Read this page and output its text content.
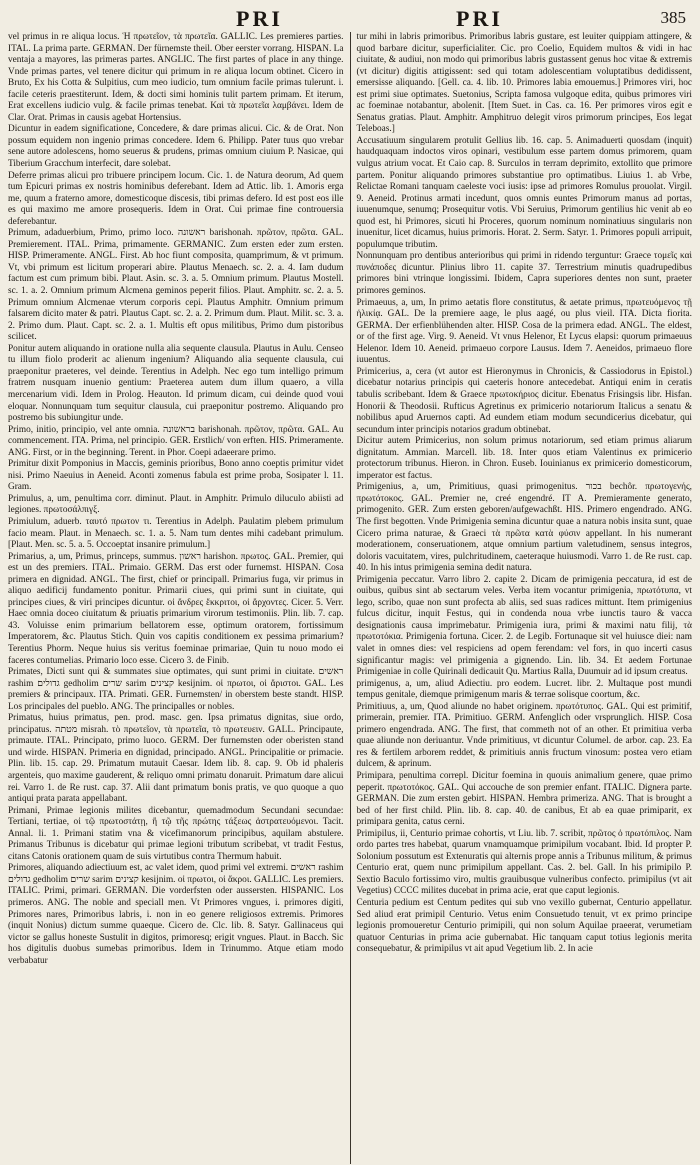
PRI	PRI	385

vel primus in re aliqua locus. Ἡ πρωτεῖον, τὰ πρωτεῖα. GALLIC. Les premieres parties. ITAL. La prima parte. GERMAN. Der fürnemste theil. Ober eerster vorrang. HISPAN. La ventaja a mayores, las primeras partes. ANGLIC. The first partes of place in any thinge. Vnde primas partes, vel tenere dicitur qui primum in re aliqua locum obtinet. Cicero in Bruto, Ex his Cotta & Sulpitius, cum meo iudicio, tum omnium facile primas tulerunt. i. facile ceteris praestiterunt. Idem, & docti simi hominis tulit partem primam. Et iterum, Erat excellens iudicio vulg. & facile primas tenebat. Καὶ τὰ πρωτεῖα λαμβάνει. Idem de Clar. Orat. Primas in causis agebat Hortensius.

Dicuntur in eadem significatione, Concedere, & dare primas alicui. Cic. & de Orat. Non possum equidem non ingenio primas concedere. Idem 6. Philipp. Pater tuus quo vrebar sene autore adolescens, homo seuerus & prudens, primas omnium ciuium P. Nasicae, qui Tiberium Gracchum interfecit, dare solebat.

Deferre primas alicui pro tribuere principem locum. Cic. 1. de Natura deorum, Ad quem tum Epicuri primas ex nostris hominibus deferebant. Idem ad Attic. lib. 1. Amoris erga me, quum a fraterno amore, domesticoque discesis, tibi primas defero. Id est post eos ille es qui maximo me amore prosequeris. Idem in Orat. Cui primae fine controuersia deferebantur.

Primum, adaduerbium, Primo, primo loco. ראשונה barishonah. πρῶτον, πρῶτα. GAL. Premierement. ITAL. Prima, primamente. GERMANIC. Zum ersten eder zum ersten. HISP. Primeramente. ANGL. First. Ab hoc fiunt composita, quamprimum, & vt primum. Vt, vbi primum est licitum properari abire. Plautus Menaech. sc. 2. a. 4. Iam dudum factum est cum primum bibi. Plaut. Asin. sc. 3. a. 5. Omnium primum. Plautus Mostell. sc. 1. a. 2. Omnium primum Alcmena geminos peperit filios. Plaut. Amphitr. sc. 2. a. 5. Primum omnium Alcmenae vterum corporis cepi. Plautus Amphitr. Omnium primum falsarem dicito mater & patri. Plautus Capt. sc. 2. a. 2. Primum dum. Plaut. Milit. sc. 3. a. 2. Primo dum. Plaut. Capt. sc. 2. a. 1. Multis eft opus militibus, Primo dum pistoribus scilicet.

Ponitur autem aliquando in oratione nulla alia sequente clausula. Plautus in Aulu. Censeo tu illum fiolo proderit ac alienum ingenium? Aliquando alia sequente clausula, cui praeponitur praeteres, vel deinde. Terentius in Adelph. Nec ego tum intelligo primum fratrem nusquam inuenio gentium: Praeterea autem dum illum quaero, a villa mercenarium vidi. Idem in Prolog. Heauton. Id primum dicam, cui deinde quod voui eloquar. Nonnunquam tum sequitur clausula, cui praeponitur postremo. Aliquando pro postremo bis subiungitur unde.

Primo, initio, principio, vel ante omnia. בראשונה barishonah. πρῶτον, πρῶτα. GAL. Au commencement. ITA. Prima, nel principio. GER. Erstlich/ von erften. HIS. Primeramente. ANG. First, or in the beginning. Terent. in Phor. Coepi adaeerare primo.

Primitur dixit Pomponius in Maccis, geminis prioribus, Bono anno coeptis primitur videt nisi. Primo Naeuius in Aeneid. Aconti zomenus fabula est prime proba, Sosipater l. 11. Gram.

Primulus, a, um, penultima corr. diminut. Plaut. in Amphitr. Primulo diluculo abiisti ad legiones. πρωτοσάλπιγξ.

Primiulum, aduerb. ταυτό πρωτον τι. Terentius in Adelph. Paulatim plebem primulum facio meam. Plaut. in Menaech. sc. 1. a. 5. Nam tum dentes mihi cadebant primulum. [Plaut. Men. sc. 5. a. 5. Occoeptat insanire primulum.]

Primarius, a, um, Primus, princeps, summus. ראשון harishon. πρωτος. GAL. Premier, qui est un des premiers. ITAL. Primaio. GERM. Das erst oder furnemst. HISPAN. Cosa primera en dignidad. ANGL. The first, chief or principall. Primarius fuga, vir primus in aliquo aedificij fundamento ponitur. Primarii ciues, qui primi sunt in ciuitate, qui principes ciues, & viri principes dicuntur. οἱ ἄνδρες ἔκκριτοι, οἱ ἄρχοντες. Cicer. 5. Verr. Haec omnia doceo ciuitatum & priuatis primarium virorum testimoniis. Plin. lib. 7. cap. 43. Voluisse enim primarium bellatorem esse, optimum oratorem, fortissimum Imperatorem, &c. Plautus Stich. Quin vos capitis conditionem ex pessima primarium? Terentius Phorm. Neque huius sis veritus foeminae primariae, Quin tu nouo modo ei faceres contumelias. Primario loco esse. Cicero 3. de Finib.

Primates, Dicti sunt qui & summates siue optimates, qui sunt primi in ciuitate. ראשים rashim גדולים gedholim שרים sarim קצינים kesijnim. οἱ πρωτοι, οἱ ἄριστοι. GAL. Les premiers & principaux. ITA. Primati. GER. Furnemsten/ in oberstem beste standt. HISP. Los principales del pueblo. ANG. The principalles or nobles.

Primatus, huius primatus, pen. prod. masc. gen. Ipsa primatus dignitas, siue ordo, principatus. מטתה misrah. τὸ πρωτεῖον, τὰ πρωτεῖα, τὸ πρωτευειν. GALL. Principaute, primaute. ITAL. Principato, primo luoco. GERM. Der furnemsten oder oberisten stand und wirde. HISPAN. Primeria en dignidad, principado. ANGL. Principalitie or primacie. Plin. lib. 15. cap. 29. Primatum mutauit Caesar. Idem lib. 8. cap. 9. Ob id phaleris argenteis, quo maxime gauderent, & reliquo omni primatu donaruit. Primatum dare alicui rei. Varro 1. de Re rust. cap. 37. Alii dant primatum bonis pratis, ve quo quoque a quo antiqui prata parata appellabant.

Primani, Primae legionis milites dicebantur, quemadmodum Secundani secundae: Tertiani, tertiae, οἱ τῷ πρωτοστάτῃ, ἢ τῷ τῆς πρώτης τάξεως ἀστρατευόμενοι. Tacit. Annal. li. 1. Primani statim vna & vicefimanorum principibus, aquilam abstulere. Primanus Tribunus is dicebatur qui primae legioni tributum scribebat, vt tradit Festus, citans Catonis orationem quam de suis virtutibus contra Thermum habuit.

Primores, aliquando adiectiuum est, ac valet idem, quod primi vel extremi. ראשים rashim גדולים gedholim שרים sarim קצינים kesijnim. οἱ πρωτοι, οἱ ἄκροι. GALLIC. Les premiers. ITALIC. Primi, primari. GERMAN. Die vorderfsten oder aussersten. HISPANIC. Los primeros. ANG. The noble and speciall men. Vt Primores vngues, i. primores digiti, Primores nares, Primoribus labris, i. non in eo genere religiosos extremis. Primores (inquit Nonius) dictum summe quaeque. Cicero de. Clc. lib. 8. Satyr. Gallinaceus qui victor se gallus honeste Sustulit in digitos, primoresq; erigit vngues. Plaut. in Bacch. Sic hos digitulis duobus sumebas primoribus. Idem in Trinummo. Atque etiam modo verbabatur

tur mihi in labris primoribus. Primoribus labris gustare, est leuiter quippiam attingere, & quod barbare dicitur, superficialiter. Cic. pro Coelio, Equidem multos & vidi in hac ciuitate, & audiui, non modo qui primoribus labris gustassent genus hoc vitae & extremis (vt dicitur) digitis attigissent: sed qui totam adolescentiam voluptatibus dedidissent, emersisse aliquando. [Gell. ca. 4. lib. 10. Primores labia emouemus.] Primores viri, hoc est primi siue optimates. Suetonius, Scripta famosa vulgoque edita, quibus primores viri ac foeminae notabantur, abolenit. [Item Suet. in Cas. ca. 16. Per primores viros egit e Senatus gratias. Plaut. Amphitr. Amphitruo delegit viros primorum principes, Eos legat Teleboas.]

Accusatiuum singularem protulit Gellius lib. 16. cap. 5. Animaduerti quosdam (inquit) haudquaquam indoctos viros opinari, vestibulum esse partem domus primorem, quam vulgus atrium vocat. Et Caio cap. 8. Surculos in terram deprimito, extollito que primore partem. Ponitur aliquando primores substantiue pro optimatibus. Liuius 1. ab Vrbe, Relictae Romani tanquam caeleste voci iusis: ipse ad primores Romulus prouolat. Virgil. 9. Aeneid. Protinus armati incedunt, quos omnis euntes Primorum manus ad portas, iuuenumque, senumq; Prosequitur votis. Vbi Seruius, Primorum gentilius hic venit ab eo quod est, hi Primores, sicuti hi Proceres, quorum nominum nominatiuus singularis non inuenitur, licet dicamus, huius primoris. Horat. 2. Serm. Satyr. 1. Primores populi arripuit, populumque tributim.

Nonnunquam pro dentibus anterioribus qui primi in ridendo terguntur: Graece τομεῖς καὶ πυνάποδες dicuntur. Plinius libro 11. capite 37. Terrestrium minutis quadrupedibus primores bini vtrinque longissimi. Ibidem, Capra superiores dentes non sunt, praeter primores geminos.

Primaeuus, a, um, In primo aetatis flore constitutus, & aetate primus, πρωτευόμενος τῇ ἡλικίᾳ. GAL. De la premiere aage, le plus aagé, ou plus vieil. ITA. Dicta fiorita. GERMA. Der erfienblühenden alter. HISP. Cosa de la primera edad. ANGL. The eldest, or of the first age. Virg. 9. Aeneid. Vt vnus Helenor, Et Lycus elapsi: quorum primaeuus Helenor. Idem 10. Aeneid. primaeuo corpore Lausus. Idem 7. Aeneidos, primaeuo flore iuuentus.

Primicerius, a, cera (vt autor est Hieronymus in Chronicis, & Cassiodorus in Epistol.) dicebatur notarius principis qui caeteris honore antecedebat. Antiqui enim in ceratis tabulis scribebant. Idem & Graece πρωτοκήριος dicitur. Ebenatus Frisingsis libr. Hisfan. Honorii & Theodosii. Rufticus Agretinus ex primicerio notariorum Italicus a senatu & nobilibus apud Aruernos capti. Ad eundem etiam modum secundicerius dicebatur, qui secundum inter principis notarios gradum obtinebat.

Dicitur autem Primicerius, non solum primus notariorum, sed etiam primus aliarum dignitatum. Ammian. Marcell. lib. 18. Inter quos etiam Valentinus ex primicerio protectorum tribunus. Hieron. in Chron. Euseb. Iouinianus ex primicerio domesticorum, imperator est factus.

Primigenius, a, um, Primitiuus, quasi primogenitus. בכור bechôr. πρωτογενής, πρωτότοκος. GAL. Premier ne, creé engendré. IT A. Premieramente generato, primogenito. GER. Zum ersten geboren/aufgewachßt. HIS. Primero engendrado. ANG. The first begotten. Vnde Primigenia semina dicuntur quae a natura nobis insita sunt, quae Cicero prima naturae, & Graeci τὰ πρῶτα κατὰ φύσιν appellant. In his numerant moderationem, conseruationem, atque omnium partium valetudinem, sensus integros, doloris vacuitatem, vires, pulchritudinem, caeteraque huiusmodi. Varro 1. de Re rust. cap. 40. In his intus primigenia semina dedit natura.

Primigenia peccatur. Varro libro 2. capite 2. Dicam de primigenia peccatura, id est de ouibus, quibus sint ab sectarum veles. Verba item vocantur primigenia, πρωτότυπα, vt lego, scribo, quae non sunt profecta ab aliis, sed suas radices mittunt. Item primigenius fulcus dicitur, inquit Festus, qui in condenda noua vrbe iunctis tauro & vacca designationis causa imprimebatur. Primigenia iura, primi & maximi natu filij, τὰ πρωτοτόκια. Primigenia fortuna. Cicer. 2. de Legib. Fortunaque sit vel huiusce diei: nam valet in omnes dies: vel respiciens ad opem ferendam: vel fors, in quo incerti casus significantur magis: vel primigenia a gignendo. Lin. lib. 34. Et aedem Fortunae Primigeniae in colle Quirinali dedicauit Qu. Martius Ralla, Duumuir ad id ipsum creatus.

primigenus, a, um, aliud Adiectiu. pro eodem. Lucret. libr. 2. Multaque post mundi tempus genitale, diemque primigenum maris & terrae solisque coortum, &c.

Primitiuus, a, um, Quod aliunde no habet originem. πρωτότυπος. GAL. Qui est primitif, primerain, premier. ITA. Primitiuo. GERM. Anfenglich oder vrsprunglich. HISP. Cosa primero engendrada. ANG. The first, that commeth not of an other. Et primitiua verba quae aliunde non deriuantur. Vnde primitiuus, vt dicuntur Columel. de arbor. cap. 23. Ea res & fertilem arborem reddet, & primitiuis annis fructum vinosum: postea vero etiam dulcem, & aprinum.

Primipara, penultima correpl. Dicitur foemina in quouis animalium genere, quae primo peperit. πρωτοτόκος. GAL. Qui accouche de son premier enfant. ITALIC. Dignera parte. GERMAN. Die zum ersten gebirt. HISPAN. Hembra primeriza. ANG. That is brought a bed of her first child. Plin. lib. 8. cap. 40. de canibus, Et ab ea quae primiparit, ex primipara genita, catus cerni.

Primipilus, ii, Centurio primae cohortis, vt Liu. lib. 7. scribit, πρῶτος ὁ πρωτόπιλος. Nam ordo partes tres habebat, quarum vnamquamque primipilum vocabant. Ibid. Id propter P. Solonium possutum est Extenuratis qui alternis prope annis a Tribunus militum, & primus Centurio erat, quem nunc primipilum appellant. Cas. 2. bel. Gall. In his primipilo P. Sextio Baculo fortissimo viro, multis grauibusque vulneribus confecto. primipilus (vt ait Vegetius) CCCC milites ducebat in prima acie, erat que caput legionis.

Centuria pedium est Centum pedites qui sub vno vexillo gubernat, Centurio appellatur. Sed aliud erat primipil Centurio. Vetus enim Consuetudo tenuit, vt ex primo principe legionis promoueretur Centurio primipili, qui non solum Aquilae praeerat, verumetiam quatuor Centurias in prima acie gubernabat. Hic tanquam caput totius legionis merita consequebatur, & primipilus vt ait apud Vegetium lib. 2. In acie
